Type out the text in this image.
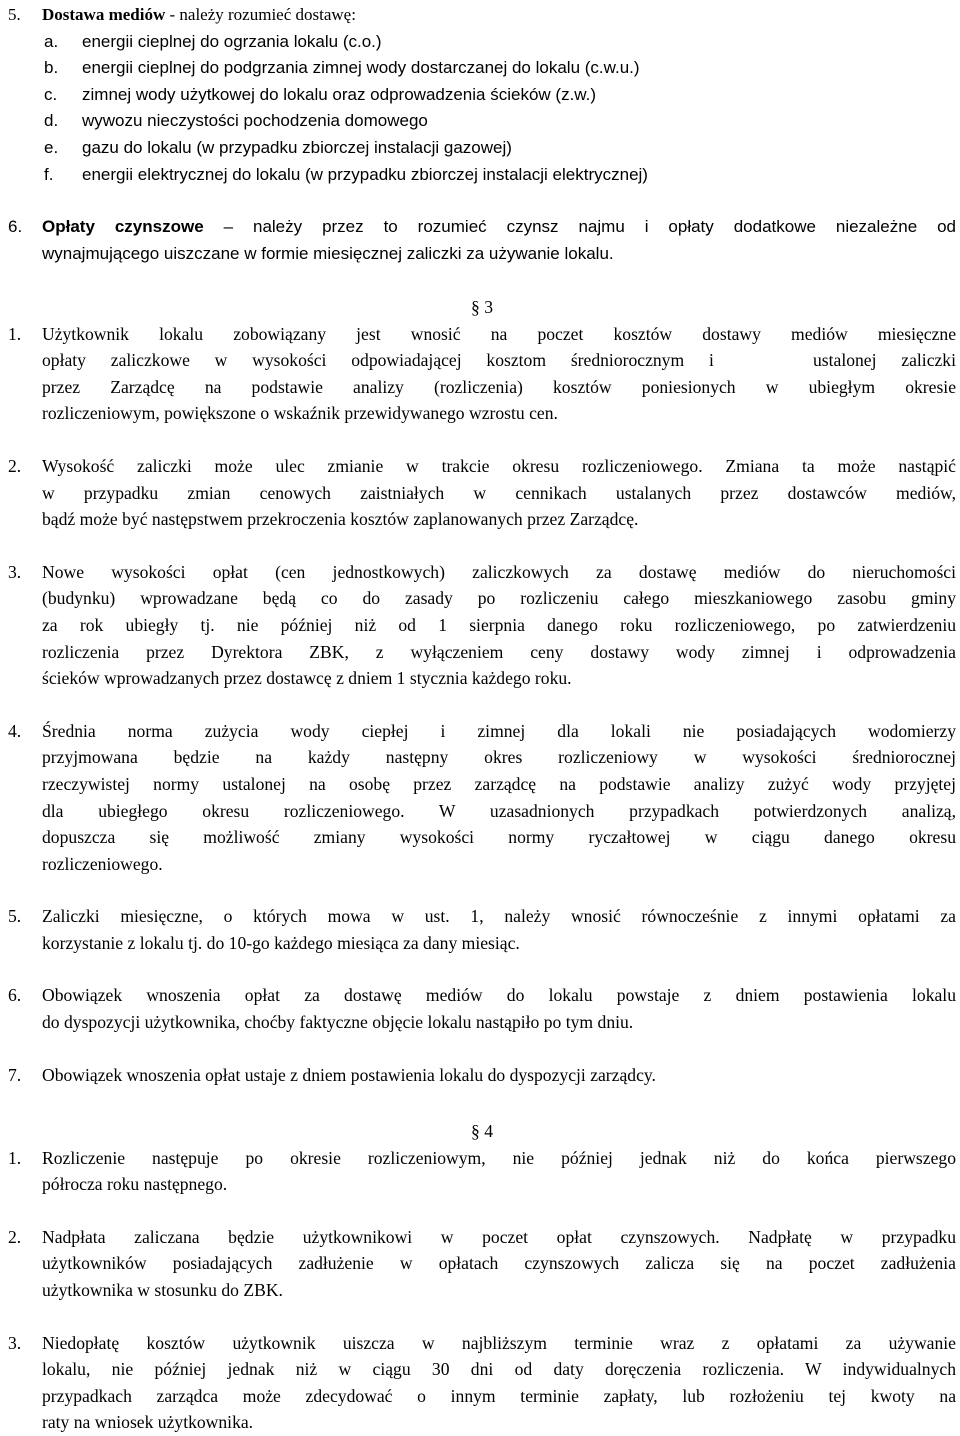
5.	Dostawa mediów - należy rozumieć dostawę:
a.	energii cieplnej do ogrzania lokalu (c.o.)
b.	energii cieplnej do podgrzania zimnej wody dostarczanej do lokalu (c.w.u.)
c.	zimnej wody użytkowej do lokalu oraz odprowadzenia ścieków (z.w.)
d.	wywozu nieczystości pochodzenia domowego
e.	gazu do lokalu (w przypadku zbiorczej instalacji gazowej)
f.	energii elektrycznej do lokalu (w przypadku zbiorczej instalacji elektrycznej)
6.	Opłaty czynszowe – należy przez to rozumieć czynsz najmu i opłaty dodatkowe niezależne od
wynajmującego uiszczane w formie miesięcznej zaliczki za używanie lokalu.
§ 3
1.	Użytkownik lokalu zobowiązany jest wnosić na poczet kosztów dostawy mediów miesięczne
opłaty zaliczkowe w wysokości odpowiadającej kosztom średniorocznym i    ustalonej zaliczki
przez Zarządcę na podstawie analizy (rozliczenia) kosztów poniesionych w ubiegłym okresie
rozliczeniowym, powiększone o wskaźnik przewidywanego wzrostu cen.
2.	Wysokość zaliczki może ulec zmianie w trakcie okresu rozliczeniowego. Zmiana ta może nastąpić
w przypadku zmian cenowych zaistniałych w cennikach ustalanych przez dostawców mediów,
bądź może być następstwem przekroczenia kosztów zaplanowanych przez Zarządcę.
3.	Nowe wysokości opłat (cen jednostkowych) zaliczkowych za dostawę mediów do nieruchomości
(budynku) wprowadzane będą co do zasady po rozliczeniu całego mieszkaniowego zasobu gminy
za rok ubiegły tj. nie później niż od 1 sierpnia danego roku rozliczeniowego, po zatwierdzeniu
rozliczenia przez Dyrektora ZBK, z wyłączeniem ceny dostawy wody zimnej i odprowadzenia
ścieków wprowadzanych przez dostawcę z dniem 1 stycznia każdego roku.
4.	Średnia norma zużycia wody ciepłej i zimnej dla lokali nie posiadających wodomierzy
przyjmowana będzie na każdy następny okres rozliczeniowy w wysokości średniorocznej
rzeczywistej normy ustalonej na osobę przez zarządcę na podstawie analizy zużyć wody przyjętej
dla ubiegłego okresu rozliczeniowego. W uzasadnionych przypadkach potwierdzonych analizą,
dopuszcza się możliwość zmiany wysokości normy ryczałtowej w ciągu danego okresu
rozliczeniowego.
5.	Zaliczki miesięczne, o których mowa w ust. 1, należy wnosić równocześnie z innymi opłatami za
korzystanie z lokalu tj. do 10-go każdego miesiąca za dany miesiąc.
6.	Obowiązek wnoszenia opłat za dostawę mediów do lokalu powstaje z dniem postawienia lokalu
do dyspozycji użytkownika, choćby faktyczne objęcie lokalu nastąpiło po tym dniu.
7.	Obowiązek wnoszenia opłat ustaje z dniem postawienia lokalu do dyspozycji zarządcy.
§ 4
1.	Rozliczenie następuje po okresie rozliczeniowym, nie później jednak niż do końca pierwszego
półrocza roku następnego.
2.	Nadpłata zaliczana będzie użytkownikowi w poczet opłat czynszowych. Nadpłatę w przypadku
użytkowników posiadających zadłużenie w opłatach czynszowych zalicza się na poczet zadłużenia
użytkownika w stosunku do ZBK.
3.	Niedopłatę kosztów użytkownik uiszcza w najbliższym terminie wraz z opłatami za używanie
lokalu, nie później jednak niż w ciągu 30 dni od daty doręczenia rozliczenia. W indywidualnych
przypadkach zarządca może zdecydować o innym terminie zapłaty, lub rozłożeniu tej kwoty na
raty na wniosek użytkownika.
